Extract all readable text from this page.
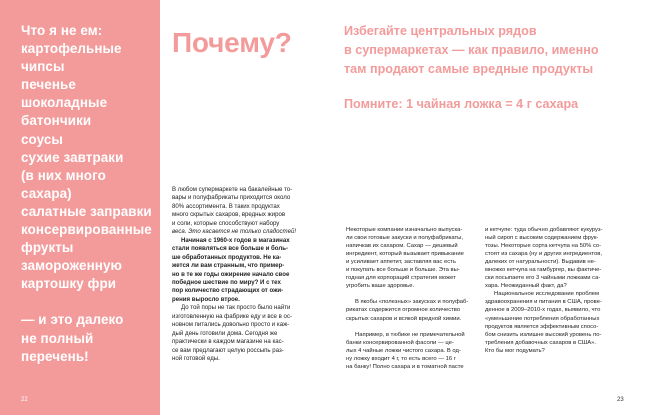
Что я не ем:
картофельные
чипсы
печенье
шоколадные
батончики
соусы
сухие завтраки
(в них много
сахара)
салатные заправки
консервированные
фрукты
замороженную
картошку фри
— и это далеко
не полный
перечень!
22
Почему?
В любом супермаркете на бакалейные то-
вары и полуфабрикаты приходится около
80% ассортимента. В таких продуктах
много скрытых сахаров, вредных жиров
и соли, которые способствуют набору
веса. Это касается не только сладостей!
Начиная с 1960-х годов в магазинах
стали появляться все больше и боль-
ше обработанных продуктов. Не ка-
жется ли вам странным, что пример-
но в те же годы ожирение начало свое
победное шествие по миру? И с тех
пор количество страдающих от ожи-
рения выросло втрое.
До той поры не так просто было найти
изготовленную на фабрике еду и все в ос-
новном питались довольно просто и каж-
дый день готовили дома. Сегодня же
практически в каждом магазине на кас-
се вам предлагают целую россыпь раз-
ной готовой еды.
Избегайте центральных рядов
в супермаркетах — как правило, именно
там продают самые вредные продукты
Помните: 1 чайная ложка = 4 г сахара
Некоторые компании изначально выпуска-
ли свои готовые закуски и полуфабрикаты,
напичкав их сахаром. Сахар — дешевый
ингредиент, который вызывает привыкание
и усиливает аппетит, заставляя вас есть
и покупать все больше и больше. Эта вы-
годная для корпораций стратегия может
угробить ваше здоровье.
В якобы «полезных» закусках и полуфаб-
рикатах содержится огромное количество
скрытых сахаров и всякой вредной химии.
Например, в тюбике не примечательной
банки консервированной фасоли — це-
лых 4 чайные ложки чистого сахара. В од-
ну ложку входит 4 г, то есть всего — 16 г
на банку! Полно сахара и в томатной пасте
и кетчупе: туда обычно добавляют кукуруз-
ный сироп с высоким содержанием фрук-
тозы. Некоторые сорта кетчупа на 50% со-
стоят из сахара (ну и других ингредиентов,
далеких от натуральности). Выдавив не-
множко кетчупа на гамбургер, вы фактиче-
ски посыпаете его 3 чайными ложками са-
хара. Неожиданный факт, да?
Национальное исследование проблем
здравоохранения и питания в США, прове-
денное в 2009–2010-х годах, выявило, что
«уменьшение потребления обработанных
продуктов является эффективным спосо-
бом снизить излишне высокий уровень по-
требления добавочных сахаров в США».
Кто бы мог подумать?
23
